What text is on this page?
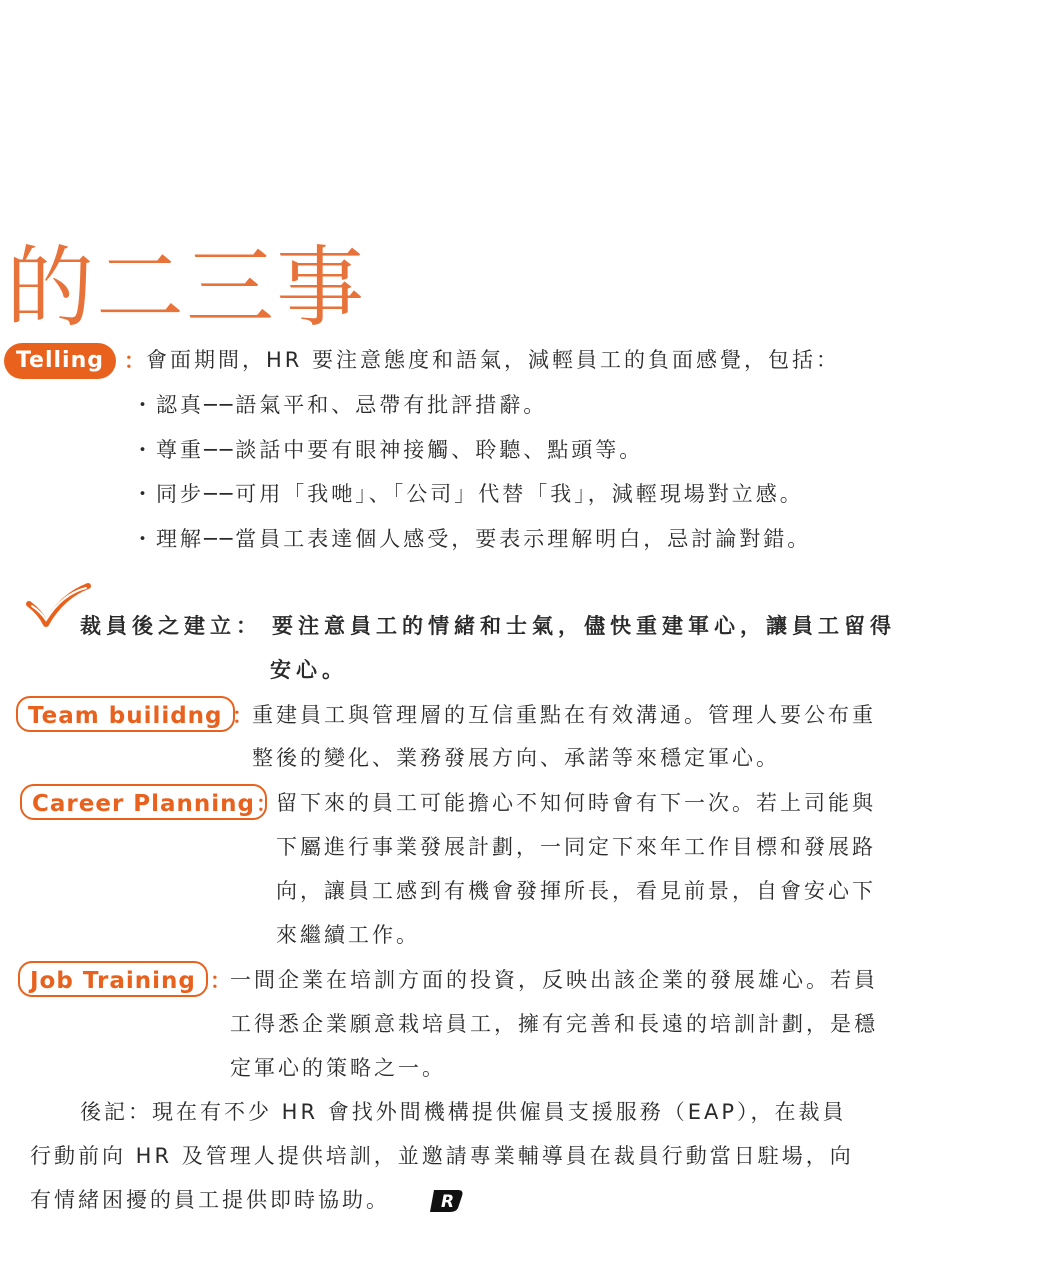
的二三事
Telling ： 會面期間，HR 要注意態度和語氣，減輕員工的負面感覺，包括：
・認真──語氣平和、忌帶有批評措辭。
・尊重──談話中要有眼神接觸、聆聽、點頭等。
・同步──可用「我哋」、「公司」代替「我」，減輕現場對立感。
・理解──當員工表達個人感受，要表示理解明白，忌討論對錯。
裁員後之建立： 要注意員工的情緒和士氣，儘快重建軍心，讓員工留得
安心。
Team builidng ： 重建員工與管理層的互信重點在有效溝通。管理人要公布重
整後的變化、業務發展方向、承諾等來穩定軍心。
Career Planning ： 留下來的員工可能擔心不知何時會有下一次。若上司能與
下屬進行事業發展計劃，一同定下來年工作目標和發展路
向，讓員工感到有機會發揮所長，看見前景，自會安心下
來繼續工作。
Job Training ： 一間企業在培訓方面的投資，反映出該企業的發展雄心。若員
工得悉企業願意栽培員工，擁有完善和長遠的培訓計劃，是穩
定軍心的策略之一。
後記：現在有不少 HR 會找外間機構提供僱員支援服務（EAP），在裁員
行動前向 HR 及管理人提供培訓，並邀請專業輔導員在裁員行動當日駐場，向
有情緒困擾的員工提供即時協助。	R
